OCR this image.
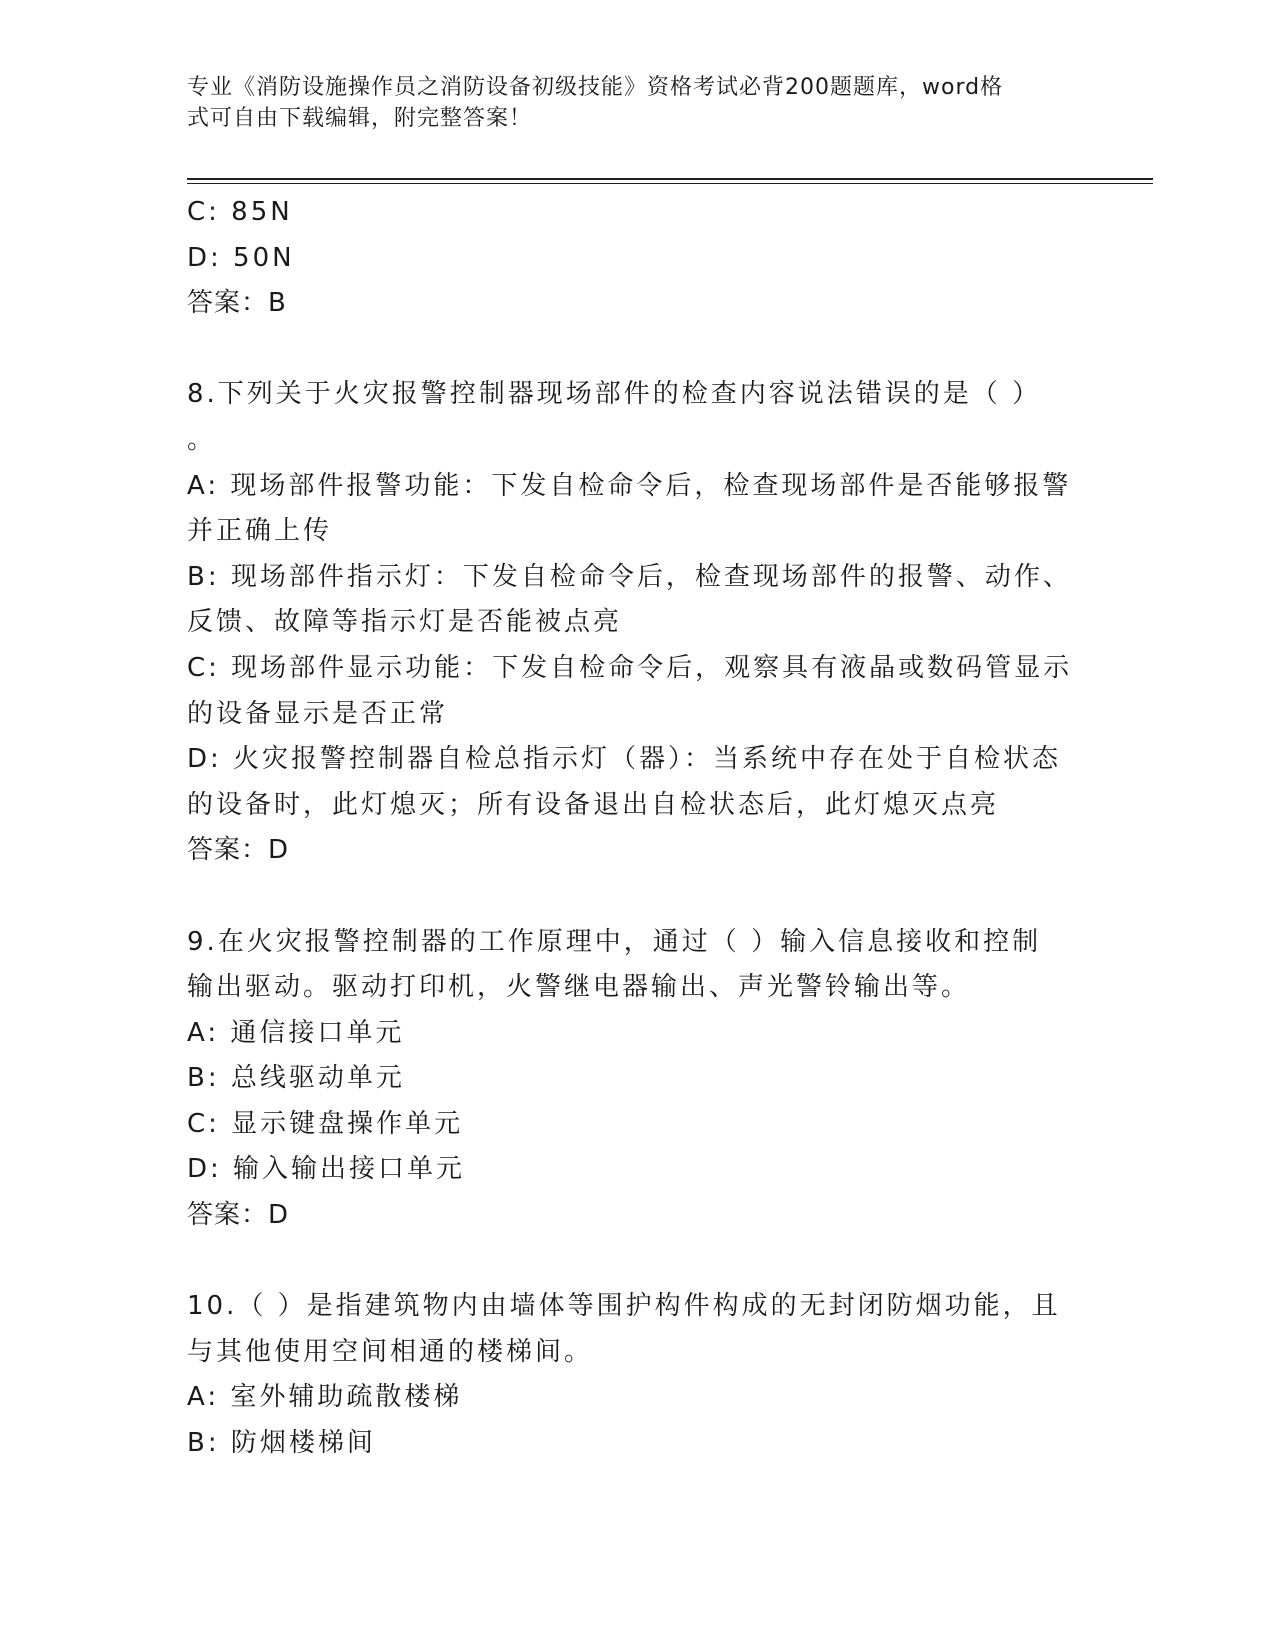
专业《消防设施操作员之消防设备初级技能》资格考试必背200题题库，word格
式可自由下载编辑，附完整答案！
C: 85N
D: 50N
答案：B
8.下列关于火灾报警控制器现场部件的检查内容说法错误的是（ ）
。
A: 现场部件报警功能：下发自检命令后，检查现场部件是否能够报警
并正确上传
B: 现场部件指示灯：下发自检命令后，检查现场部件的报警、动作、
反馈、故障等指示灯是否能被点亮
C: 现场部件显示功能：下发自检命令后，观察具有液晶或数码管显示
的设备显示是否正常
D: 火灾报警控制器自检总指示灯（器）：当系统中存在处于自检状态
的设备时，此灯熄灭；所有设备退出自检状态后，此灯熄灭点亮
答案：D
9.在火灾报警控制器的工作原理中，通过（ ）输入信息接收和控制
输出驱动。驱动打印机，火警继电器输出、声光警铃输出等。
A: 通信接口单元
B: 总线驱动单元
C: 显示键盘操作单元
D: 输入输出接口单元
答案：D
10.（ ）是指建筑物内由墙体等围护构件构成的无封闭防烟功能，且
与其他使用空间相通的楼梯间。
A: 室外辅助疏散楼梯
B: 防烟楼梯间
